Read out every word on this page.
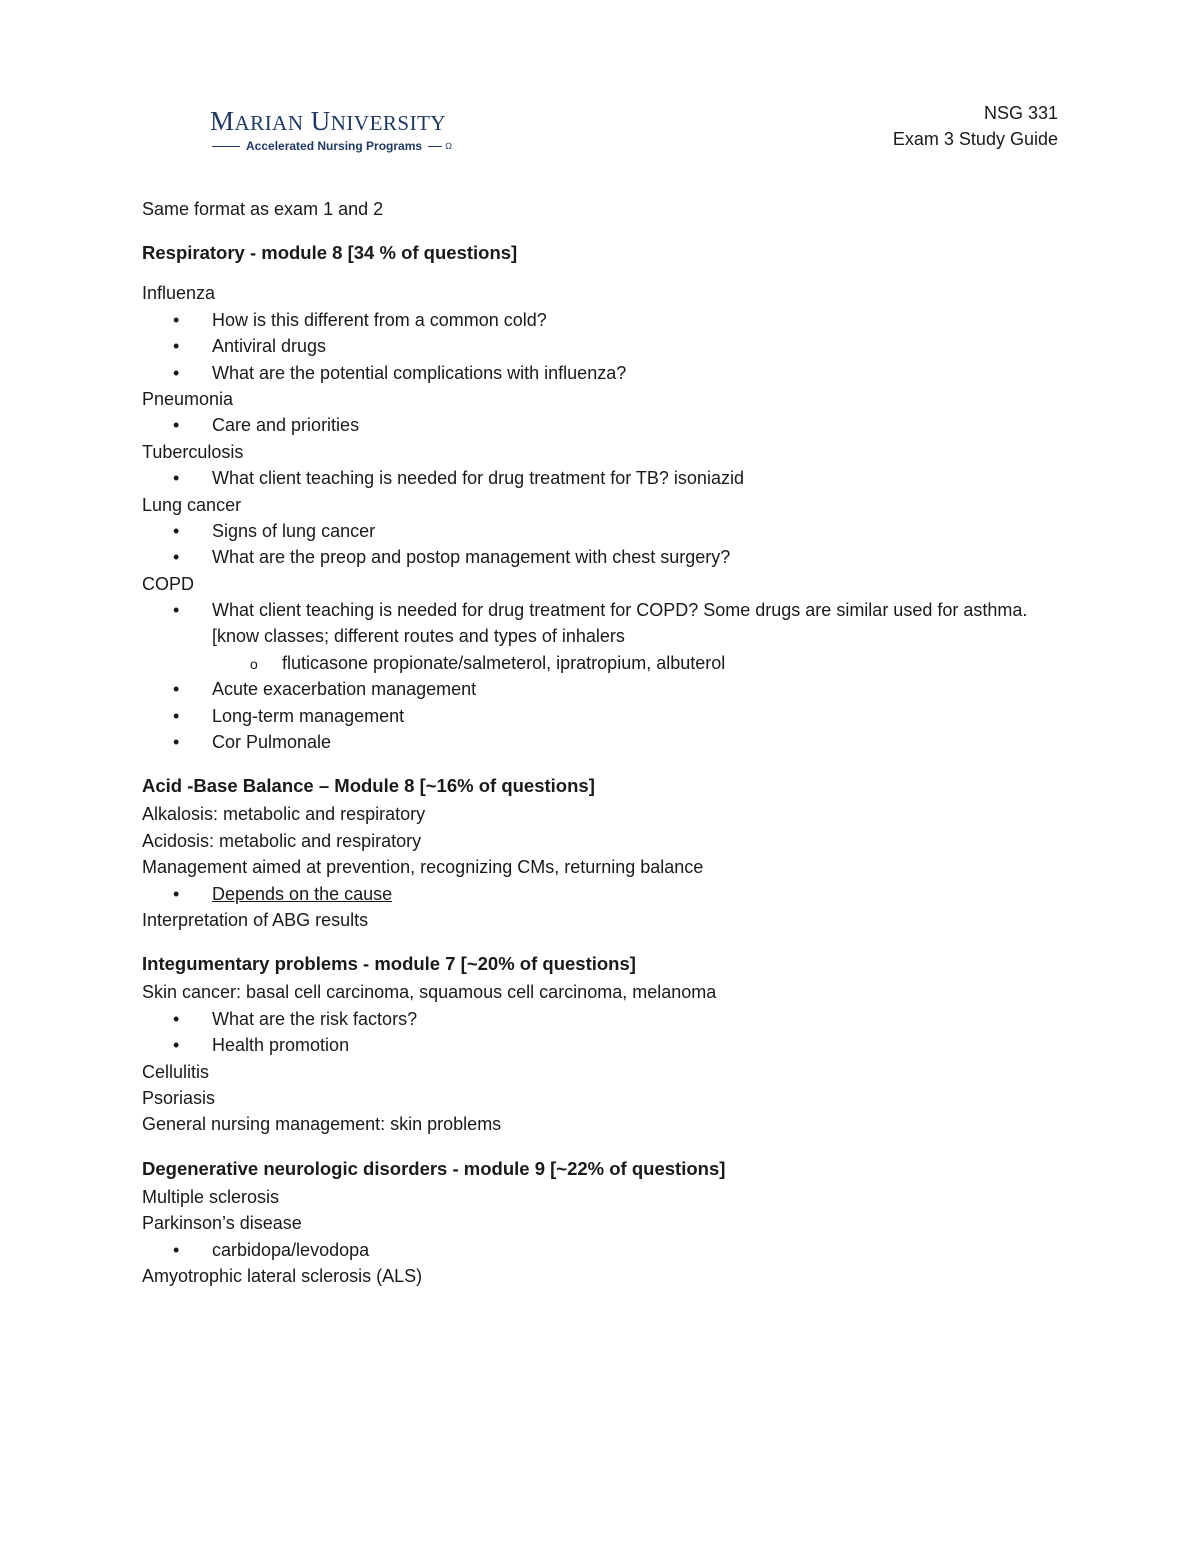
MARIAN UNIVERSITY
Accelerated Nursing Programs	Ω
NSG 331
Exam 3 Study Guide
Same format as exam 1 and 2
Respiratory - module 8 [34 % of questions]
Influenza
• How is this different from a common cold?
• Antiviral drugs
• What are the potential complications with influenza?
Pneumonia
• Care and priorities
Tuberculosis
• What client teaching is needed for drug treatment for TB? isoniazid
Lung cancer
• Signs of lung cancer
• What are the preop and postop management with chest surgery?
COPD
• What client teaching is needed for drug treatment for COPD? Some drugs are similar used for asthma. [know classes; different routes and types of inhalers
o fluticasone propionate/salmeterol, ipratropium, albuterol
• Acute exacerbation management
• Long-term management
• Cor Pulmonale
Acid -Base Balance – Module 8 [~16% of questions]
Alkalosis: metabolic and respiratory
Acidosis: metabolic and respiratory
Management aimed at prevention, recognizing CMs, returning balance
• Depends on the cause
Interpretation of ABG results
Integumentary problems - module 7 [~20% of questions]
Skin cancer: basal cell carcinoma, squamous cell carcinoma, melanoma
• What are the risk factors?
• Health promotion
Cellulitis
Psoriasis
General nursing management: skin problems
Degenerative neurologic disorders - module 9 [~22% of questions]
Multiple sclerosis
Parkinson’s disease
• carbidopa/levodopa
Amyotrophic lateral sclerosis (ALS)
